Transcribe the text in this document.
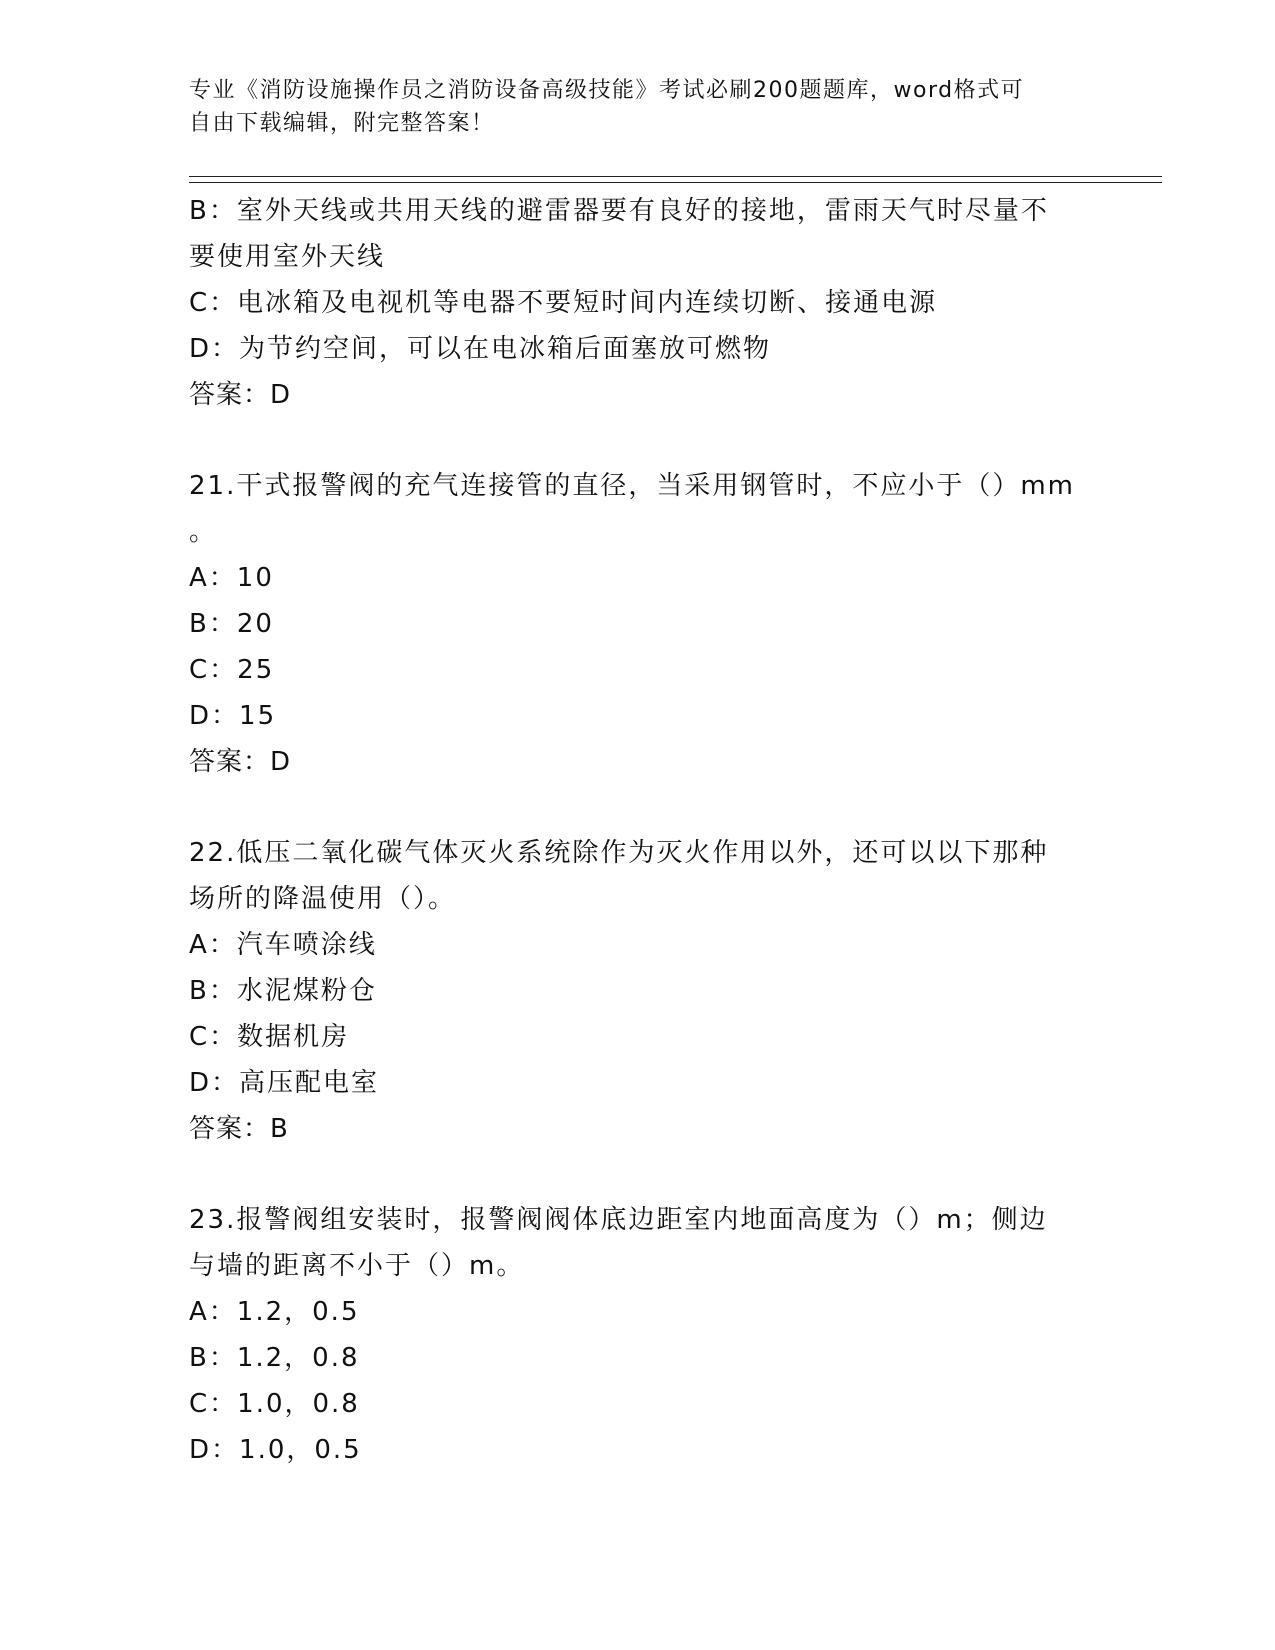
专业《消防设施操作员之消防设备高级技能》考试必刷200题题库，word格式可
自由下载编辑，附完整答案！
B：室外天线或共用天线的避雷器要有良好的接地，雷雨天气时尽量不
要使用室外天线
C：电冰箱及电视机等电器不要短时间内连续切断、接通电源
D：为节约空间，可以在电冰箱后面塞放可燃物
答案：D
21.干式报警阀的充气连接管的直径，当采用钢管时，不应小于（）mm
。
A：10
B：20
C：25
D：15
答案：D
22.低压二氧化碳气体灭火系统除作为灭火作用以外，还可以以下那种
场所的降温使用（）。
A：汽车喷涂线
B：水泥煤粉仓
C：数据机房
D：高压配电室
答案：B
23.报警阀组安装时，报警阀阀体底边距室内地面高度为（）m；侧边
与墙的距离不小于（）m。
A：1.2，0.5
B：1.2，0.8
C：1.0，0.8
D：1.0，0.5
